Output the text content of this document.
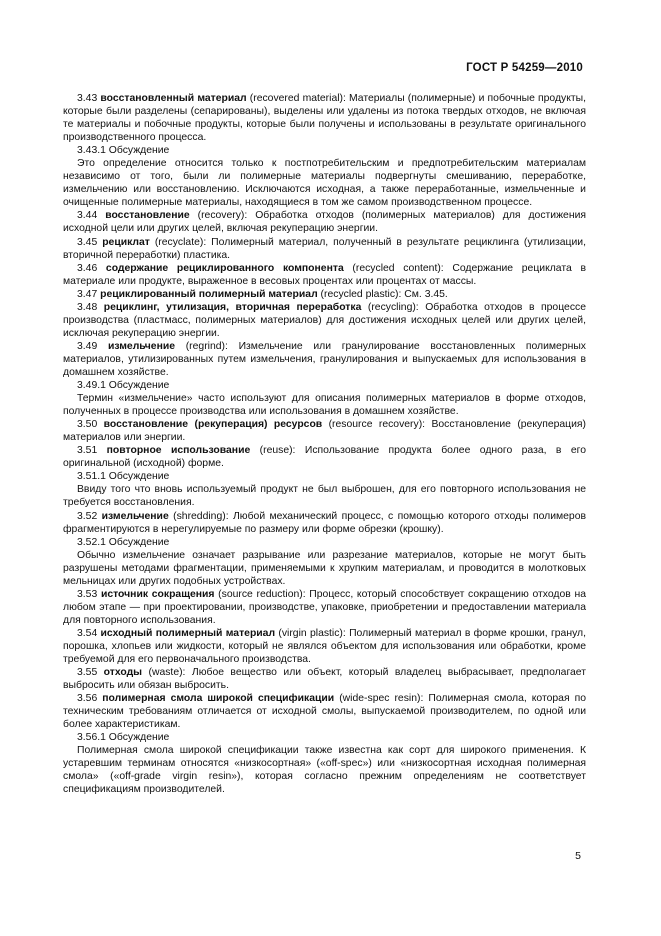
ГОСТ Р 54259—2010

3.43 восстановленный материал (recovered material): Материалы (полимерные) и побочные продукты, которые были разделены (сепарированы), выделены или удалены из потока твердых отходов, не включая те материалы и побочные продукты, которые были получены и использованы в результате оригинального производственного процесса.

3.43.1 Обсуждение

Это определение относится только к постпотребительским и предпотребительским материалам независимо от того, были ли полимерные материалы подвергнуты смешиванию, переработке, измельчению или восстановлению. Исключаются исходная, а также переработанные, измельченные и очищенные полимерные материалы, находящиеся в том же самом производственном процессе.

3.44 восстановление (recovery): Обработка отходов (полимерных материалов) для достижения исходной цели или других целей, включая рекуперацию энергии.

3.45 рециклат (recyclate): Полимерный материал, полученный в результате рециклинга (утилизации, вторичной переработки) пластика.

3.46 содержание рециклированного компонента (recycled content): Содержание рециклата в материале или продукте, выраженное в весовых процентах или процентах от массы.

3.47 рециклированный полимерный материал (recycled plastic): См. 3.45.

3.48 рециклинг, утилизация, вторичная переработка (recycling): Обработка отходов в процессе производства (пластмасс, полимерных материалов) для достижения исходных целей или других целей, исключая рекуперацию энергии.

3.49 измельчение (regrind): Измельчение или гранулирование восстановленных полимерных материалов, утилизированных путем измельчения, гранулирования и выпускаемых для использования в домашнем хозяйстве.

3.49.1 Обсуждение

Термин «измельчение» часто используют для описания полимерных материалов в форме отходов, полученных в процессе производства или использования в домашнем хозяйстве.

3.50 восстановление (рекуперация) ресурсов (resource recovery): Восстановление (рекуперация) материалов или энергии.

3.51 повторное использование (reuse): Использование продукта более одного раза, в его оригинальной (исходной) форме.

3.51.1 Обсуждение

Ввиду того что вновь используемый продукт не был выброшен, для его повторного использования не требуется восстановления.

3.52 измельчение (shredding): Любой механический процесс, с помощью которого отходы полимеров фрагментируются в нерегулируемые по размеру или форме обрезки (крошку).

3.52.1 Обсуждение

Обычно измельчение означает разрывание или разрезание материалов, которые не могут быть разрушены методами фрагментации, применяемыми к хрупким материалам, и проводится в молотковых мельницах или других подобных устройствах.

3.53 источник сокращения (source reduction): Процесс, который способствует сокращению отходов на любом этапе — при проектировании, производстве, упаковке, приобретении и предоставлении материала для повторного использования.

3.54 исходный полимерный материал (virgin plastic): Полимерный материал в форме крошки, гранул, порошка, хлопьев или жидкости, который не являлся объектом для использования или обработки, кроме требуемой для его первоначального производства.

3.55 отходы (waste): Любое вещество или объект, который владелец выбрасывает, предполагает выбросить или обязан выбросить.

3.56 полимерная смола широкой спецификации (wide-spec resin): Полимерная смола, которая по техническим требованиям отличается от исходной смолы, выпускаемой производителем, по одной или более характеристикам.

3.56.1 Обсуждение

Полимерная смола широкой спецификации также известна как сорт для широкого применения. К устаревшим терминам относятся «низкосортная» («off-spec») или «низкосортная исходная полимерная смола» («off-grade virgin resin»), которая согласно прежним определениям не соответствует спецификациям производителей.

5
